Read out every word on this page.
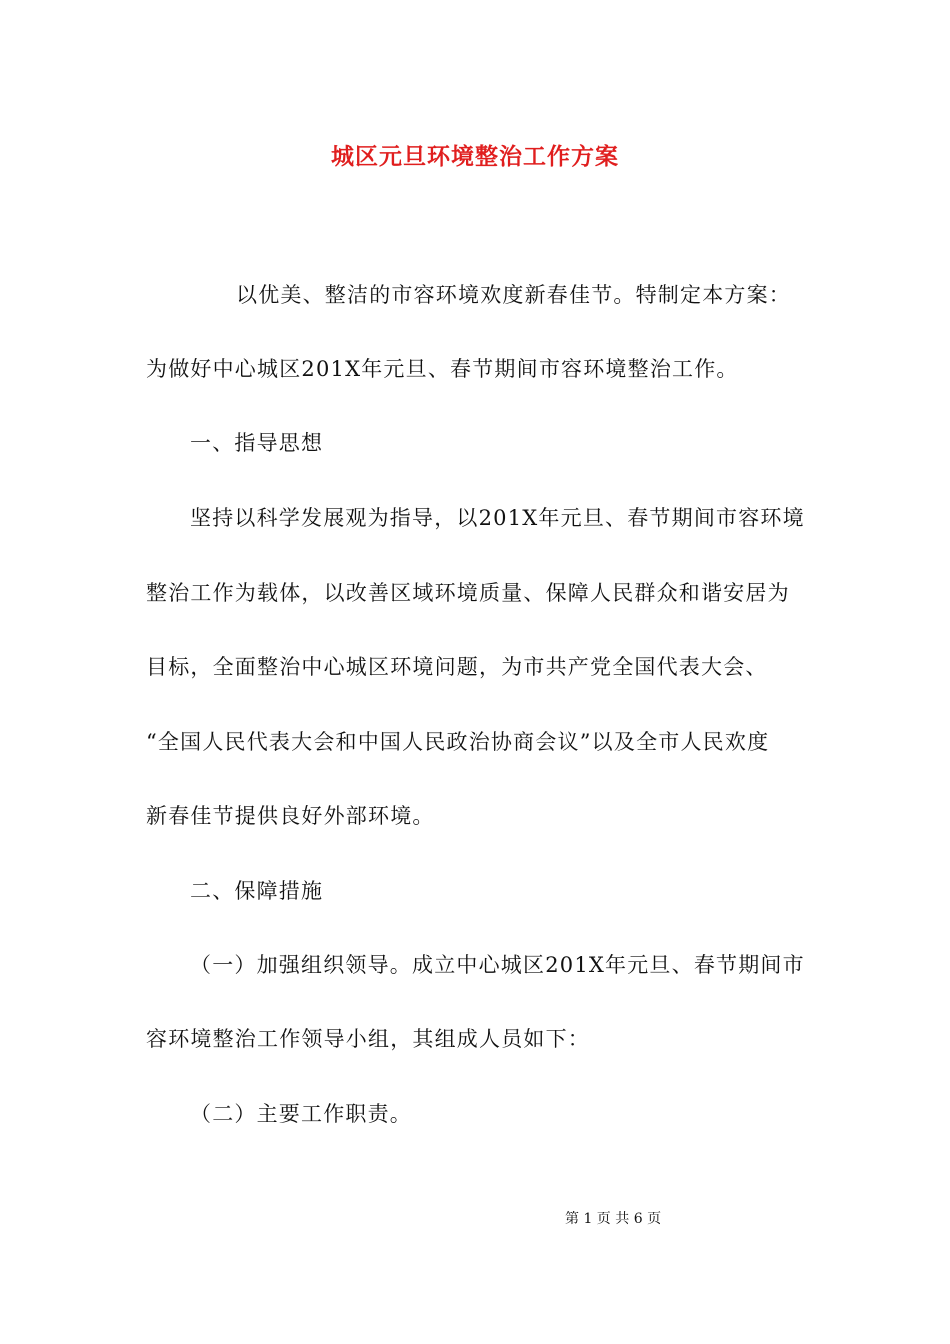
城区元旦环境整治工作方案
以优美、整洁的市容环境欢度新春佳节。特制定本方案：
为做好中心城区201X年元旦、春节期间市容环境整治工作。
一、指导思想
坚持以科学发展观为指导，以201X年元旦、春节期间市容环境
整治工作为载体，以改善区域环境质量、保障人民群众和谐安居为
目标，全面整治中心城区环境问题，为市共产党全国代表大会、
“全国人民代表大会和中国人民政治协商会议”以及全市人民欢度
新春佳节提供良好外部环境。
二、保障措施
（一）加强组织领导。成立中心城区201X年元旦、春节期间市
容环境整治工作领导小组，其组成人员如下：
（二）主要工作职责。
第 1 页 共 6 页
